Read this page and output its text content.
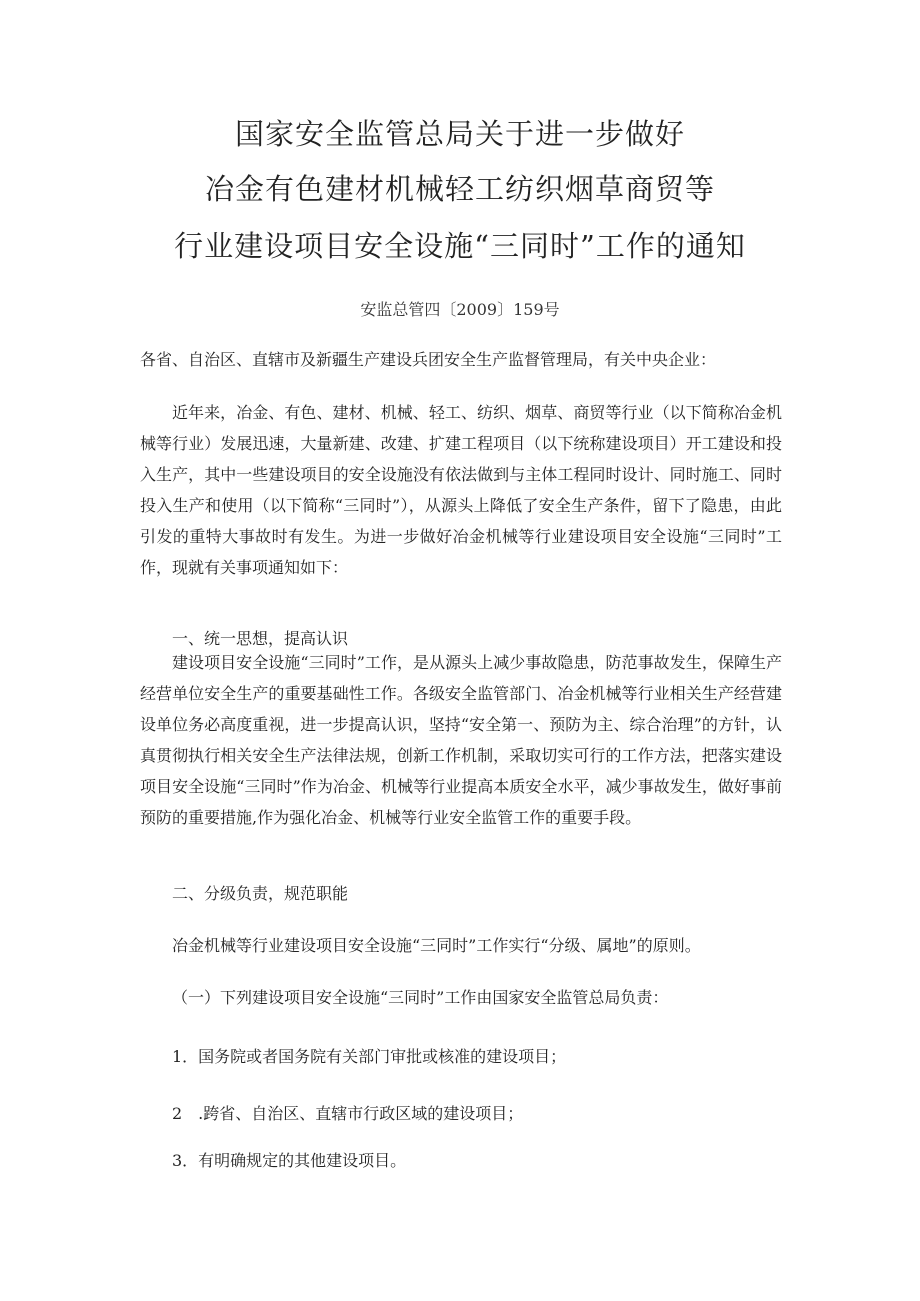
国家安全监管总局关于进一步做好
冶金有色建材机械轻工纺织烟草商贸等
行业建设项目安全设施“三同时”工作的通知
安监总管四〔2009〕159号
各省、自治区、直辖市及新疆生产建设兵团安全生产监督管理局，有关中央企业：

近年来，冶金、有色、建材、机械、轻工、纺织、烟草、商贸等行业（以下简称冶金机械等行业）发展迅速，大量新建、改建、扩建工程项目（以下统称建设项目）开工建设和投入生产，其中一些建设项目的安全设施没有依法做到与主体工程同时设计、同时施工、同时投入生产和使用（以下简称“三同时”），从源头上降低了安全生产条件，留下了隐患，由此引发的重特大事故时有发生。为进一步做好冶金机械等行业建设项目安全设施“三同时”工作，现就有关事项通知如下：

一、统一思想，提高认识

建设项目安全设施“三同时”工作，是从源头上减少事故隐患，防范事故发生，保障生产经营单位安全生产的重要基础性工作。各级安全监管部门、冶金机械等行业相关生产经营建设单位务必高度重视，进一步提高认识，坚持“安全第一、预防为主、综合治理”的方针，认真贯彻执行相关安全生产法律法规，创新工作机制，采取切实可行的工作方法，把落实建设项目安全设施“三同时”作为冶金、机械等行业提高本质安全水平，减少事故发生，做好事前预防的重要措施,作为强化冶金、机械等行业安全监管工作的重要手段。

二、分级负责，规范职能
冶金机械等行业建设项目安全设施“三同时”工作实行“分级、属地”的原则。
（一）下列建设项目安全设施“三同时”工作由国家安全监管总局负责：
1．国务院或者国务院有关部门审批或核准的建设项目；
2　.跨省、自治区、直辖市行政区域的建设项目；
3．有明确规定的其他建设项目。
